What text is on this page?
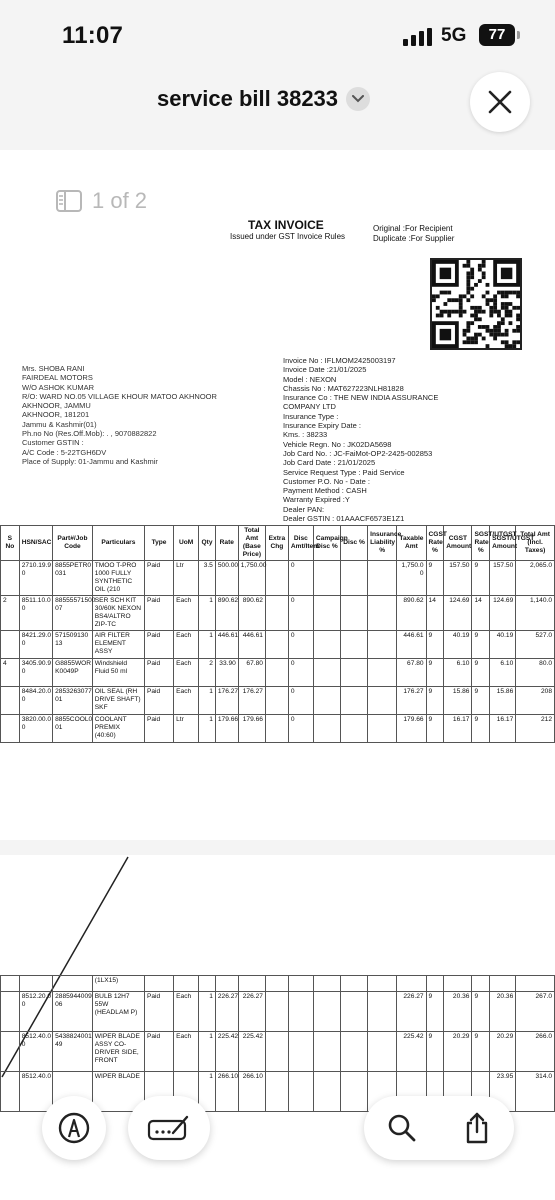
11:07	5G	77
service bill 38233
TAX INVOICE
Issued under GST Invoice Rules
Original :For Recipient
Duplicate :For Supplier
Mrs. SHOBA RANI
FAIRDEAL MOTORS
W/O ASHOK KUMAR
R/O: WARD NO.05 VILLAGE KHOUR MATOO AKHNOOR
AKHNOOR, JAMMU
AKHNOOR, 181201
Jammu & Kashmir(01)
Ph.no No (Res.Off.Mob): . , 9070882822
Customer GSTIN :
A/C Code : 5-22TGH6DV
Place of Supply: 01-Jammu and Kashmir
Invoice No : IFLMOM2425003197
Invoice Date :21/01/2025
Model : NEXON
Chassis No : MAT627223NLH81828
Insurance Co : THE NEW INDIA ASSURANCE
COMPANY LTD
Insurance Type :
Insurance Expiry Date :
Kms. : 38233
Vehicle Regn. No : JK02DA5698
Job Card No. : JC-FaiMot-OP2-2425-002853
Job Card Date : 21/01/2025
Service Request Type : Paid Service
Customer P.O. No - Date :
Payment Method : CASH
Warranty Expired :Y
Dealer PAN:
Dealer GSTIN : 01AAACF6573E1Z1
S No	HSN/SAC	Part#/Job Code	Particulars	Type	UoM	Qty	Rate	Total Amt (Base Price)	Extra Chg	Disc Amt/Item	Campaign Disc %	Disc %	Insurance Liability %	Taxable Amt	CGST Rate %	CGST Amount	SGST/UTGST Rate %	SGST/UTGST Amount	Total Amt (Incl. Taxes)
	2710.19.9 0	8855PETR0 031	TMOO T-PRO 1000 FULLY SYNTHETIC OIL (210	Paid	Ltr	3.5	500.00	1,750.00		0				1,750.0 0	9	157.50	9	157.50	2,065.0
2	8511.10.0 0	88555571500 07	SER SCH KIT 30/60K NEXON BS4/ALTRO ZIP-TC	Paid	Each	1	890.62	890.62		0				890.62	14	124.69	14	124.69	1,140.0
	8421.29.0 0	571509130 13	AIR FILTER ELEMENT ASSY	Paid	Each	1	446.61	446.61		0				446.61	9	40.19	9	40.19	527.0
4	3405.90.9 0	G8855WOR K0049P	Windshield Fluid 50 ml	Paid	Each	2	33.90	67.80		0				67.80	9	6.10	9	6.10	80.0
	8484.20.0 0	2853263077 01	OIL SEAL (RH DRIVE SHAFT) SKF	Paid	Each	1	176.27	176.27		0				176.27	9	15.86	9	15.86	208
	3820.00.0 0	8855COOL0 01	COOLANT PREMIX (40:60)	Paid	Ltr	1	179.66	179.66		0				179.66	9	16.17	9	16.17	212
1 of 2
			(1LX15)																
	8512.20.0 0	2885944009 06	BULB 12H7 55W (HEADLAM P)	Paid	Each	1	226.27	226.27						226.27	9	20.36	9	20.36	267.0
	8512.40.0 0	5438824001 49	WIPER BLADE ASSY CO-DRIVER SIDE, FRONT	Paid	Each	1	225.42	225.42						225.42	9	20.29	9	20.29	266.0
	8512.40.0		WIPER BLADE			1	266.10	266.10										23.95	314.0
